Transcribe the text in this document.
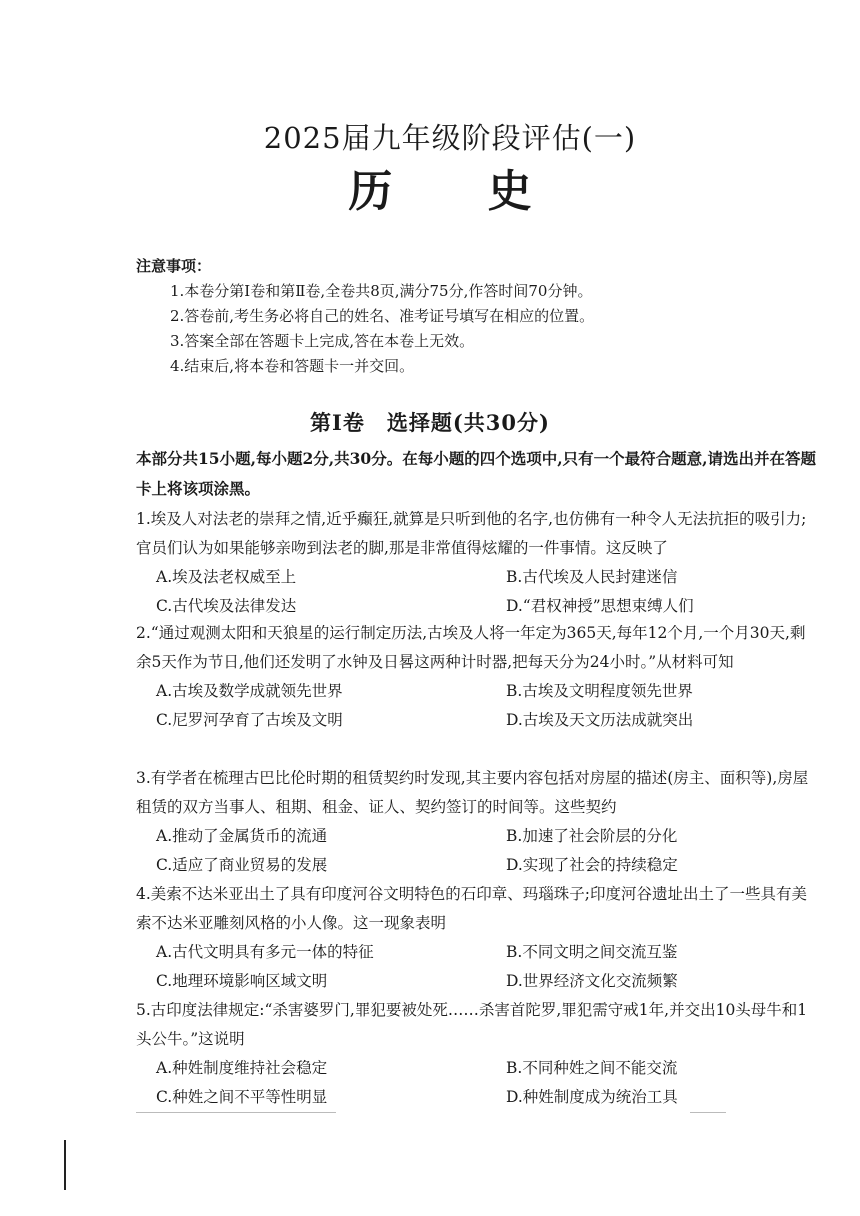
2025届九年级阶段评估(一)
历 史
注意事项：
1.本卷分第Ⅰ卷和第Ⅱ卷,全卷共8页,满分75分,作答时间70分钟。
2.答卷前,考生务必将自己的姓名、准考证号填写在相应的位置。
3.答案全部在答题卡上完成,答在本卷上无效。
4.结束后,将本卷和答题卡一并交回。
第Ⅰ卷　选择题(共30分)
本部分共15小题,每小题2分,共30分。在每小题的四个选项中,只有一个最符合题意,请选出并在答题卡上将该项涂黑。

1.埃及人对法老的崇拜之情,近乎癫狂,就算是只听到他的名字,也仿佛有一种令人无法抗拒的吸引力;官员们认为如果能够亲吻到法老的脚,那是非常值得炫耀的一件事情。这反映了

A.埃及法老权威至上	B.古代埃及人民封建迷信
C.古代埃及法律发达	D.“君权神授”思想束缚人们

2.“通过观测太阳和天狼星的运行制定历法,古埃及人将一年定为365天,每年12个月,一个月30天,剩余5天作为节日,他们还发明了水钟及日晷这两种计时器,把每天分为24小时。”从材料可知

A.古埃及数学成就领先世界	B.古埃及文明程度领先世界
C.尼罗河孕育了古埃及文明	D.古埃及天文历法成就突出

3.有学者在梳理古巴比伦时期的租赁契约时发现,其主要内容包括对房屋的描述(房主、面积等),房屋租赁的双方当事人、租期、租金、证人、契约签订的时间等。这些契约

A.推动了金属货币的流通	B.加速了社会阶层的分化
C.适应了商业贸易的发展	D.实现了社会的持续稳定

4.美索不达米亚出土了具有印度河谷文明特色的石印章、玛瑙珠子;印度河谷遗址出土了一些具有美索不达米亚雕刻风格的小人像。这一现象表明

A.古代文明具有多元一体的特征	B.不同文明之间交流互鉴
C.地理环境影响区域文明	D.世界经济文化交流频繁

5.古印度法律规定:“杀害婆罗门,罪犯要被处死……杀害首陀罗,罪犯需守戒1年,并交出10头母牛和1头公牛。”这说明

A.种姓制度维持社会稳定	B.不同种姓之间不能交流
C.种姓之间不平等性明显	D.种姓制度成为统治工具
